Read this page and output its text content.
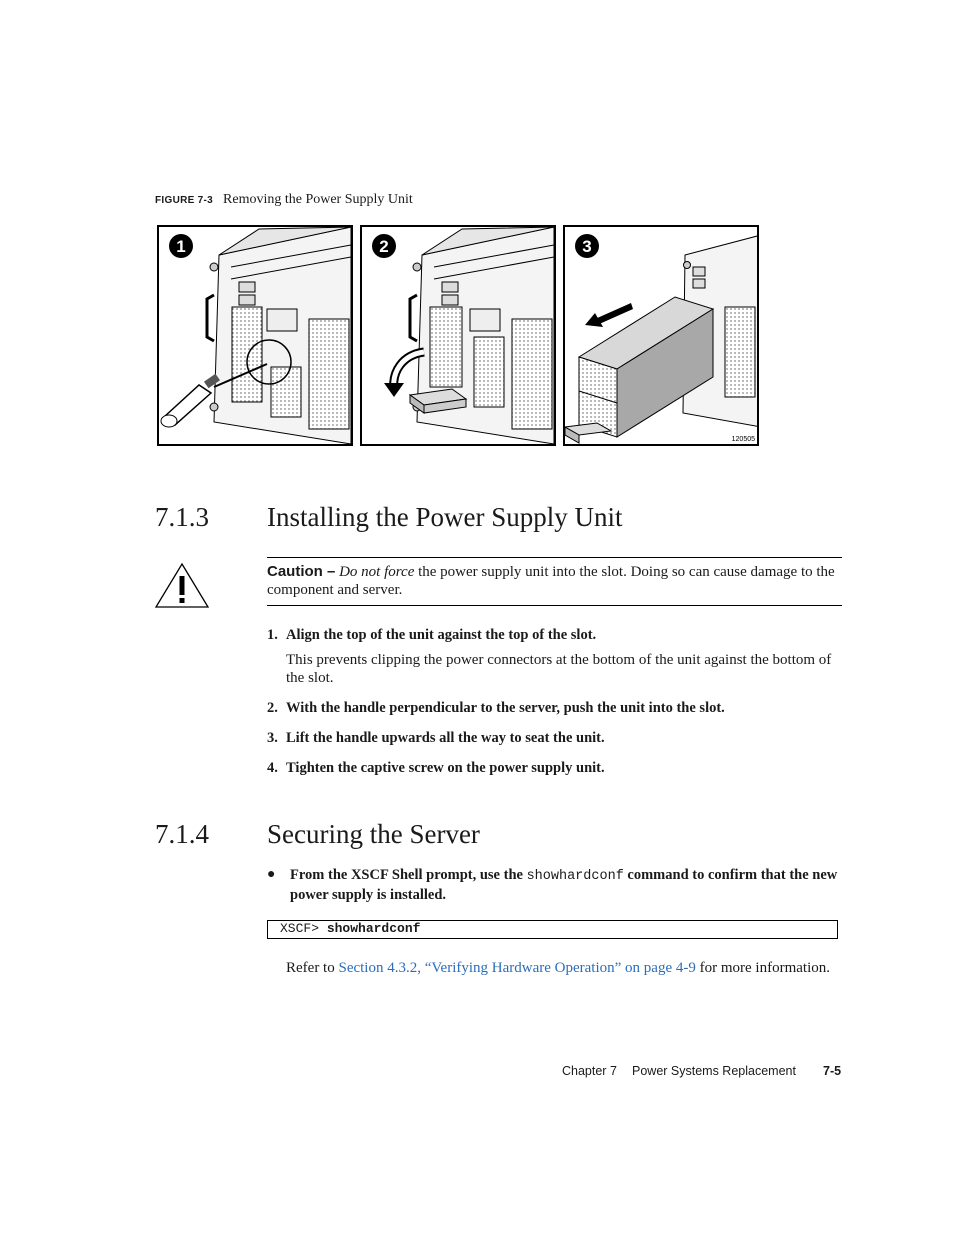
FIGURE 7-3 Removing the Power Supply Unit
1	2
120505
3
7.1.3 Installing the Power Supply Unit
Caution – Do not force the power supply unit into the slot. Doing so can cause damage to the component and server.
1. Align the top of the unit against the top of the slot.
This prevents clipping the power connectors at the bottom of the unit against the bottom of the slot.
2. With the handle perpendicular to the server, push the unit into the slot.
3. Lift the handle upwards all the way to seat the unit.
4. Tighten the captive screw on the power supply unit.
7.1.4 Securing the Server
● From the XSCF Shell prompt, use the showhardconf command to confirm that the new power supply is installed.
XSCF> showhardconf
Refer to Section 4.3.2, “Verifying Hardware Operation” on page 4-9 for more information.
Chapter 7 Power Systems Replacement 7-5
